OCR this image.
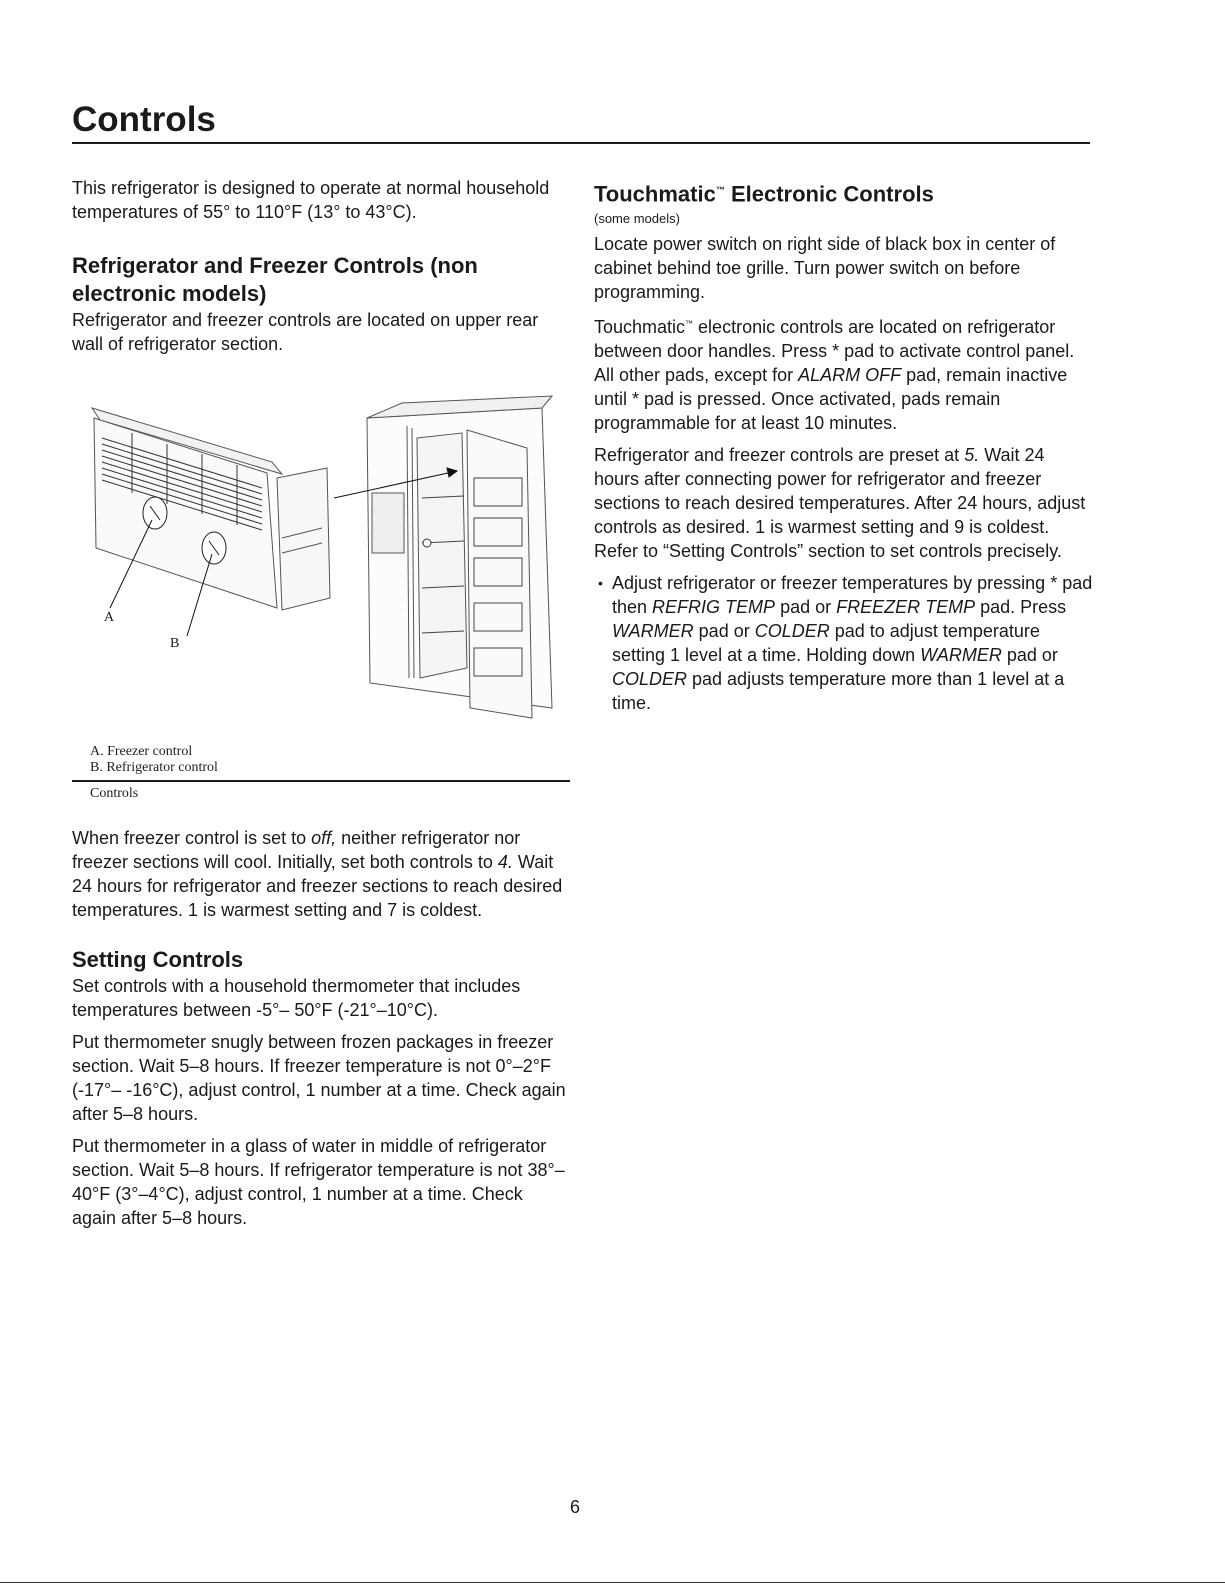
Controls

This refrigerator is designed to operate at normal household temperatures of 55° to 110°F (13° to 43°C).

Refrigerator and Freezer Controls (non electronic models)

Refrigerator and freezer controls are located on upper rear wall of refrigerator section.

A
B
A. Freezer control
B. Refrigerator control
Controls

When freezer control is set to off, neither refrigerator nor freezer sections will cool. Initially, set both controls to 4. Wait 24 hours for refrigerator and freezer sections to reach desired temperatures. 1 is warmest setting and 7 is coldest.

Setting Controls

Set controls with a household thermometer that includes temperatures between -5°– 50°F (-21°–10°C).

Put thermometer snugly between frozen packages in freezer section. Wait 5–8 hours. If freezer temperature is not 0°–2°F (-17°– -16°C), adjust control, 1 number at a time. Check again after 5–8 hours.

Put thermometer in a glass of water in middle of refrigerator section. Wait 5–8 hours. If refrigerator temperature is not 38°–40°F (3°–4°C), adjust control, 1 number at a time. Check again after 5–8 hours.

Touchmatic™ Electronic Controls

(some models)

Locate power switch on right side of black box in center of cabinet behind toe grille. Turn power switch on before programming.

Touchmatic™ electronic controls are located on refrigerator between door handles. Press * pad to activate control panel. All other pads, except for ALARM OFF pad, remain inactive until * pad is pressed. Once activated, pads remain programmable for at least 10 minutes.

Refrigerator and freezer controls are preset at 5. Wait 24 hours after connecting power for refrigerator and freezer sections to reach desired temperatures. After 24 hours, adjust controls as desired. 1 is warmest setting and 9 is coldest. Refer to “Setting Controls” section to set controls precisely.

• Adjust refrigerator or freezer temperatures by pressing * pad then REFRIG TEMP pad or FREEZER TEMP pad. Press WARMER pad or COLDER pad to adjust temperature setting 1 level at a time. Holding down WARMER pad or COLDER pad adjusts temperature more than 1 level at a time.
6
